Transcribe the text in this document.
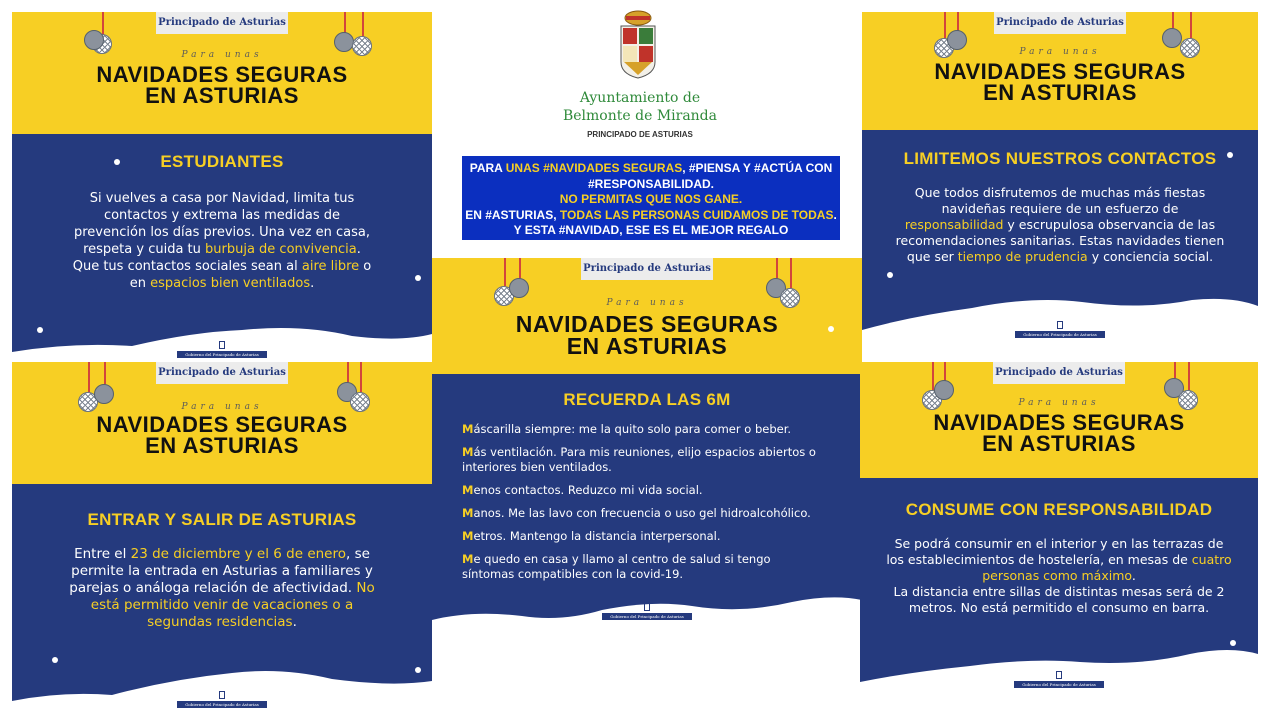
Principado de Asturias
Para unas
NAVIDADES SEGURAS
EN ASTURIAS
ESTUDIANTES
Si vuelves a casa por Navidad, limita tus contactos y extrema las medidas de prevención los días previos. Una vez en casa, respeta y cuida tu burbuja de convivencia. Que tus contactos sociales sean al aire libre o en espacios bien ventilados.
Gobierno del Principado de Asturias
Principado de Asturias
Para unas
NAVIDADES SEGURAS
EN ASTURIAS
LIMITEMOS NUESTROS CONTACTOS
Que todos disfrutemos de muchas más fiestas navideñas requiere de un esfuerzo de responsabilidad y escrupulosa observancia de las recomendaciones sanitarias. Estas navidades tienen que ser tiempo de prudencia y conciencia social.
Gobierno del Principado de Asturias
Ayuntamiento de
Belmonte de Miranda
PRINCIPADO DE ASTURIAS
PARA UNAS #NAVIDADES SEGURAS, #PIENSA Y #ACTÚA CON #RESPONSABILIDAD.
NO PERMITAS QUE NOS GANE.
EN #ASTURIAS, TODAS LAS PERSONAS CUIDAMOS DE TODAS. Y ESTA #NAVIDAD, ESE ES EL MEJOR REGALO
Principado de Asturias
Para unas
NAVIDADES SEGURAS
EN ASTURIAS
RECUERDA LAS 6M
Máscarilla siempre: me la quito solo para comer o beber.
Más ventilación. Para mis reuniones, elijo espacios abiertos o interiores bien ventilados.
Menos contactos. Reduzco mi vida social.
Manos. Me las lavo con frecuencia o uso gel hidroalcohólico.
Metros. Mantengo la distancia interpersonal.
Me quedo en casa y llamo al centro de salud si tengo síntomas compatibles con la covid-19.
Gobierno del Principado de Asturias
Principado de Asturias
Para unas
NAVIDADES SEGURAS
EN ASTURIAS
ENTRAR Y SALIR DE ASTURIAS
Entre el 23 de diciembre y el 6 de enero, se permite la entrada en Asturias a familiares y parejas o análoga relación de afectividad. No está permitido venir de vacaciones o a segundas residencias.
Gobierno del Principado de Asturias
Principado de Asturias
Para unas
NAVIDADES SEGURAS
EN ASTURIAS
CONSUME CON RESPONSABILIDAD
Se podrá consumir en el interior y en las terrazas de los establecimientos de hostelería, en mesas de cuatro personas como máximo.
La distancia entre sillas de distintas mesas será de 2 metros. No está permitido el consumo en barra.
Gobierno del Principado de Asturias
